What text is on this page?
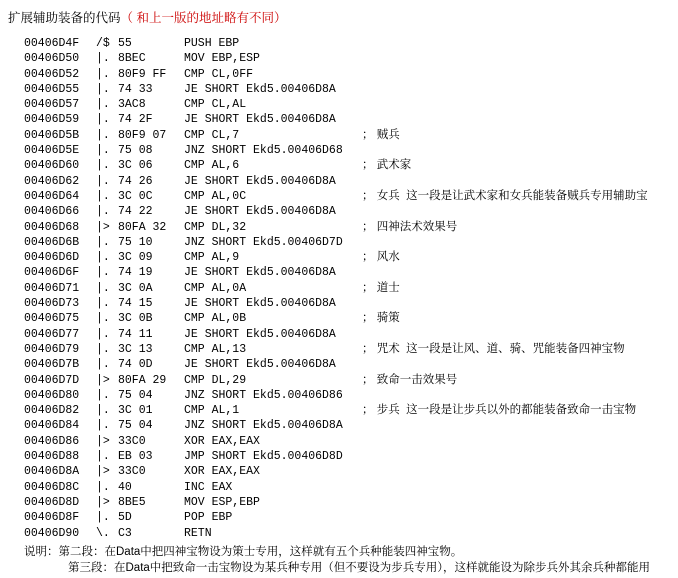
扩展辅助装备的代码（ 和上一版的地址略有不同）
00406D4F /$ 55	PUSH EBP
00406D50 |. 8BEC	MOV EBP,ESP
00406D52 |. 80F9 FF CMP CL,0FF
00406D55 |. 74 33	JE SHORT Ekd5.00406D8A
00406D57 |. 3AC8	CMP CL,AL
00406D59 |. 74 2F	JE SHORT Ekd5.00406D8A
00406D5B |. 80F9 07 CMP CL,7	； 贼兵
00406D5E |. 75 08	JNZ SHORT Ekd5.00406D68
00406D60 |. 3C 06	CMP AL,6	； 武术家
00406D62 |. 74 26	JE SHORT Ekd5.00406D8A
00406D64 |. 3C 0C	CMP AL,0C	； 女兵  这一段是让武术家和女兵能装备贼兵专用辅助宝
00406D66 |. 74 22	JE SHORT Ekd5.00406D8A
00406D68 |> 80FA 32 CMP DL,32	； 四神法术效果号
00406D6B |. 75 10	JNZ SHORT Ekd5.00406D7D
00406D6D |. 3C 09	CMP AL,9	； 风水
00406D6F |. 74 19	JE SHORT Ekd5.00406D8A
00406D71 |. 3C 0A	CMP AL,0A	； 道士
00406D73 |. 74 15	JE SHORT Ekd5.00406D8A
00406D75 |. 3C 0B	CMP AL,0B	； 骑策
00406D77 |. 74 11	JE SHORT Ekd5.00406D8A
00406D79 |. 3C 13	CMP AL,13	； 咒术  这一段是让风、道、骑、咒能装备四神宝物
00406D7B |. 74 0D	JE SHORT Ekd5.00406D8A
00406D7D |> 80FA 29 CMP DL,29	； 致命一击效果号
00406D80 |. 75 04	JNZ SHORT Ekd5.00406D86
00406D82 |. 3C 01	CMP AL,1	； 步兵  这一段是让步兵以外的都能装备致命一击宝物
00406D84 |. 75 04	JNZ SHORT Ekd5.00406D8A
00406D86 |> 33C0	XOR EAX,EAX
00406D88 |. EB 03	JMP SHORT Ekd5.00406D8D
00406D8A |> 33C0	XOR EAX,EAX
00406D8C |. 40	INC EAX
00406D8D |> 8BE5	MOV ESP,EBP
00406D8F |. 5D	POP EBP
00406D90 \. C3	RETN
说明：第二段：在Data中把四神宝物设为策士专用，这样就有五个兵种能装四神宝物。
第三段：在Data中把致命一击宝物设为某兵种专用（但不要设为步兵专用），这样就能设为除步兵外其余兵种都能用
